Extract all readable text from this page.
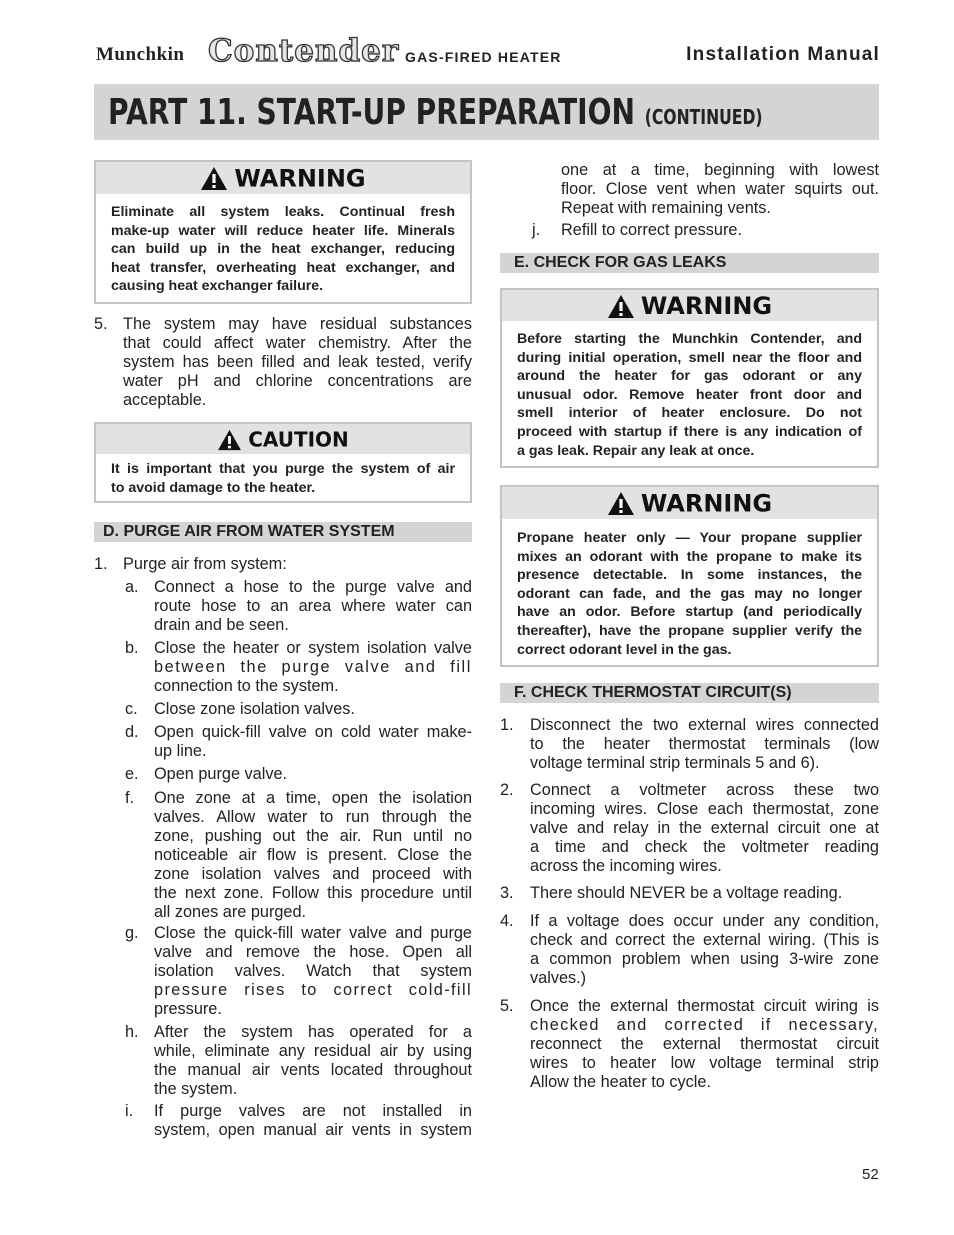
Munchkin Contender GAS-FIRED HEATER	Installation Manual
PART 11. START-UP PREPARATION (CONTINUED)
WARNING
Eliminate all system leaks. Continual fresh
make-up water will reduce heater life. Minerals
can build up in the heat exchanger, reducing
heat transfer, overheating heat exchanger, and
causing heat exchanger failure.
5. The system may have residual substances
that could affect water chemistry. After the
system has been filled and leak tested, verify
water pH and chlorine concentrations are
acceptable.
CAUTION
It is important that you purge the system of air
to avoid damage to the heater.
D. PURGE AIR FROM WATER SYSTEM
1. Purge air from system:
a. Connect a hose to the purge valve and
route hose to an area where water can
drain and be seen.
b. Close the heater or system isolation valve
between the purge valve and fill
connection to the system.
c. Close zone isolation valves.
d. Open quick-fill valve on cold water make-
up line.
e. Open purge valve.
f. One zone at a time, open the isolation
valves. Allow water to run through the
zone, pushing out the air. Run until no
noticeable air flow is present. Close the
zone isolation valves and proceed with
the next zone. Follow this procedure until
all zones are purged.
g. Close the quick-fill water valve and purge
valve and remove the hose. Open all
isolation valves. Watch that system
pressure rises to correct cold-fill
pressure.
h. After the system has operated for a
while, eliminate any residual air by using
the manual air vents located throughout
the system.
i. If purge valves are not installed in
system, open manual air vents in system
one at a time, beginning with lowest
floor. Close vent when water squirts out.
Repeat with remaining vents.
j. Refill to correct pressure.
E. CHECK FOR GAS LEAKS
WARNING
Before starting the Munchkin Contender, and
during initial operation, smell near the floor and
around the heater for gas odorant or any
unusual odor. Remove heater front door and
smell interior of heater enclosure. Do not
proceed with startup if there is any indication of
a gas leak. Repair any leak at once.
WARNING
Propane heater only — Your propane supplier
mixes an odorant with the propane to make its
presence detectable. In some instances, the
odorant can fade, and the gas may no longer
have an odor. Before startup (and periodically
thereafter), have the propane supplier verify the
correct odorant level in the gas.
F. CHECK THERMOSTAT CIRCUIT(S)
1. Disconnect the two external wires connected
to the heater thermostat terminals (low
voltage terminal strip terminals 5 and 6).
2. Connect a voltmeter across these two
incoming wires. Close each thermostat, zone
valve and relay in the external circuit one at
a time and check the voltmeter reading
across the incoming wires.
3. There should NEVER be a voltage reading.
4. If a voltage does occur under any condition,
check and correct the external wiring. (This is
a common problem when using 3-wire zone
valves.)
5. Once the external thermostat circuit wiring is
checked and corrected if necessary,
reconnect the external thermostat circuit
wires to heater low voltage terminal strip
Allow the heater to cycle.
52
